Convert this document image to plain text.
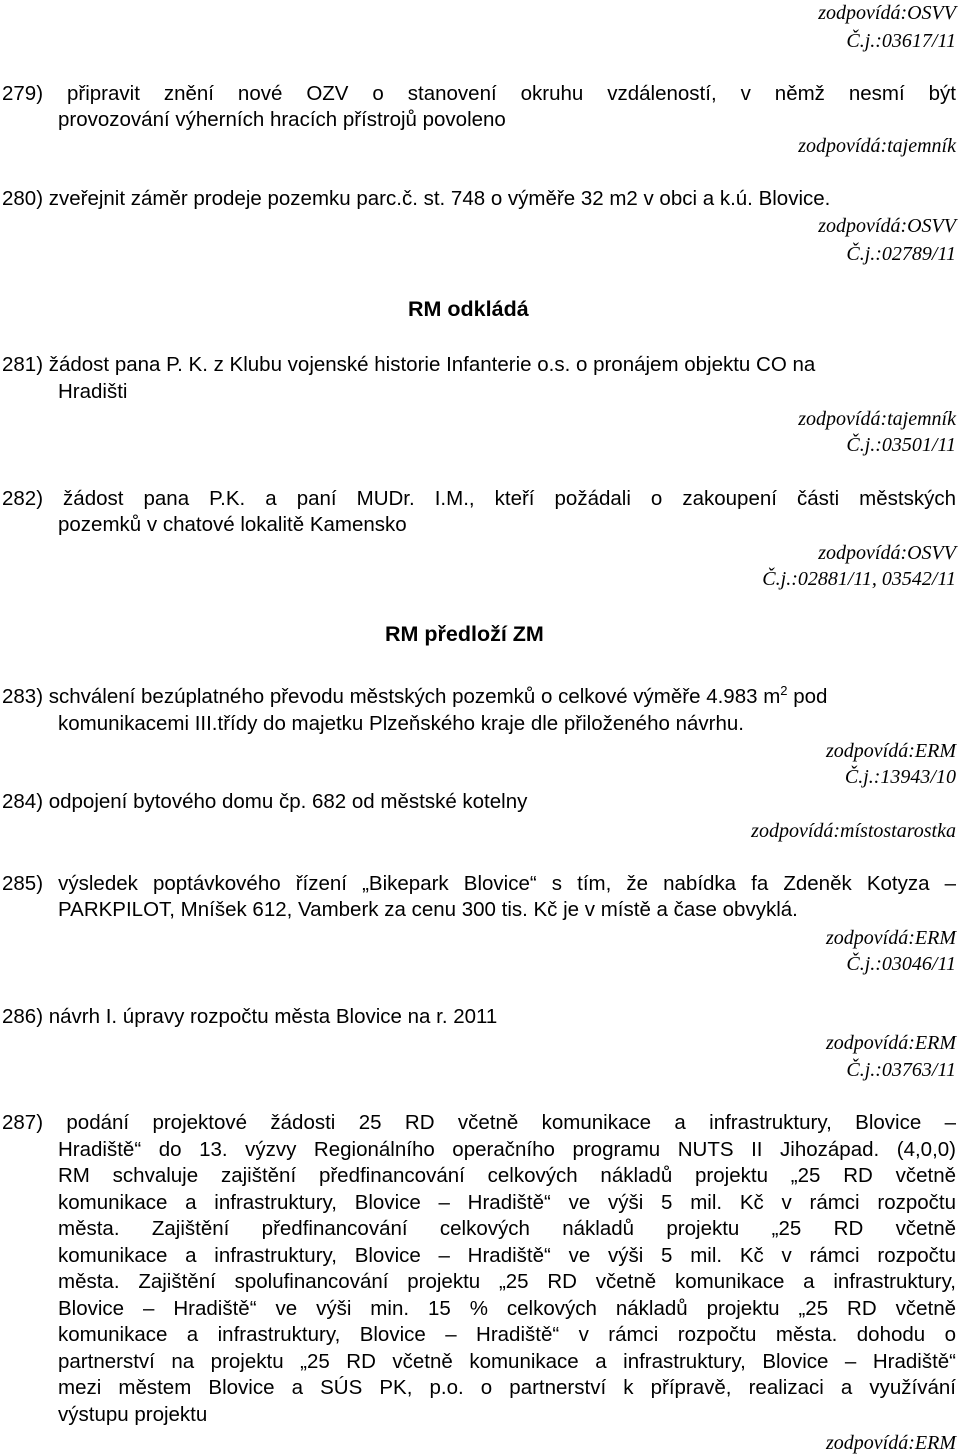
zodpovídá:OSVV
Č.j.:03617/11
279) připravit znění nové OZV o stanovení okruhu vzdáleností, v němž nesmí být
provozování výherních hracích přístrojů povoleno
zodpovídá:tajemník
280) zveřejnit záměr prodeje pozemku parc.č. st. 748 o výměře 32 m2 v obci a k.ú. Blovice.
zodpovídá:OSVV
Č.j.:02789/11
RM odkládá
281) žádost pana P. K. z Klubu vojenské historie Infanterie o.s. o pronájem objektu CO na
Hradišti
zodpovídá:tajemník
Č.j.:03501/11
282) žádost pana P.K. a paní MUDr. I.M., kteří požádali o zakoupení části městských
pozemků v chatové lokalitě Kamensko
zodpovídá:OSVV
Č.j.:02881/11, 03542/11
RM předloží ZM
283) schválení bezúplatného převodu městských pozemků o celkové výměře 4.983 $m^2$ pod
komunikacemi III.třídy do majetku Plzeňského kraje dle přiloženého návrhu.
zodpovídá:ERM
Č.j.:13943/10
284) odpojení bytového domu čp. 682 od městské kotelny
zodpovídá:místostarostka
285) výsledek poptávkového řízení „Bikepark Blovice“ s tím, že nabídka fa Zdeněk Kotyza –
PARKPILOT, Mníšek 612, Vamberk za cenu 300 tis. Kč je v místě a čase obvyklá.
zodpovídá:ERM
Č.j.:03046/11
286) návrh I. úpravy rozpočtu města Blovice na r. 2011
zodpovídá:ERM
Č.j.:03763/11
287) podání projektové žádosti 25 RD včetně komunikace a infrastruktury, Blovice –
Hradiště“ do 13. výzvy Regionálního operačního programu NUTS II Jihozápad. (4,0,0)
RM schvaluje zajištění předfinancování celkových nákladů projektu „25 RD včetně
komunikace a infrastruktury, Blovice – Hradiště“ ve výši 5 mil. Kč v rámci rozpočtu
města. Zajištění předfinancování celkových nákladů projektu „25 RD včetně
komunikace a infrastruktury, Blovice – Hradiště“ ve výši 5 mil. Kč v rámci rozpočtu
města. Zajištění spolufinancování projektu „25 RD včetně komunikace a infrastruktury,
Blovice – Hradiště“ ve výši min. 15 % celkových nákladů projektu „25 RD včetně
komunikace a infrastruktury, Blovice – Hradiště“ v rámci rozpočtu města. dohodu o
partnerství na projektu „25 RD včetně komunikace a infrastruktury, Blovice – Hradiště“
mezi městem Blovice a SÚS PK, p.o. o partnerství k přípravě, realizaci a využívání
výstupu projektu
zodpovídá:ERM
